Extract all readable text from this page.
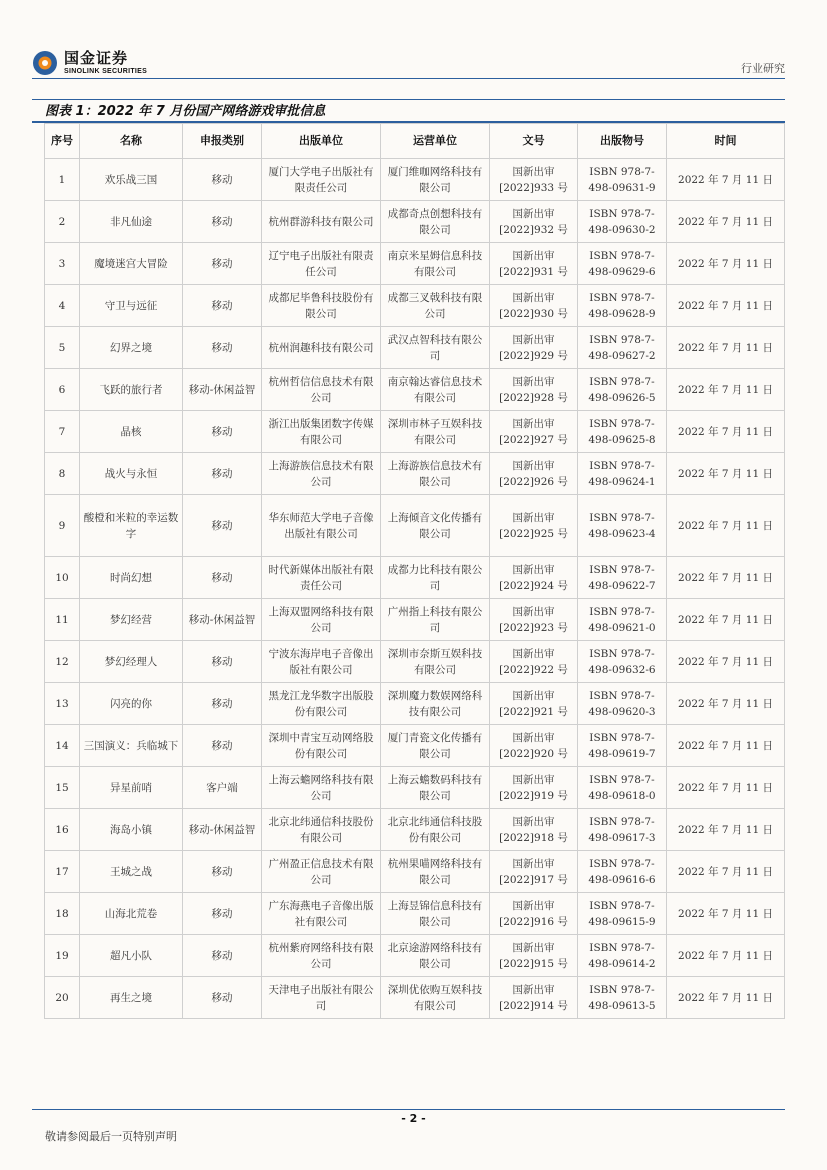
国金证券
SINOLINK SECURITIES	行业研究
图表 1：2022 年 7 月份国产网络游戏审批信息
序号	名称	申报类别	出版单位	运营单位	文号	出版物号	时间
1	欢乐战三国	移动	厦门大学电子出版社有限责任公司	厦门维咖网络科技有限公司	国新出审[2022]933 号	ISBN 978-7-498-09631-9	2022 年 7 月 11 日
2	非凡仙途	移动	杭州群游科技有限公司	成都奇点创想科技有限公司	国新出审[2022]932 号	ISBN 978-7-498-09630-2	2022 年 7 月 11 日
3	魔境迷宫大冒险	移动	辽宁电子出版社有限责任公司	南京米星姆信息科技有限公司	国新出审[2022]931 号	ISBN 978-7-498-09629-6	2022 年 7 月 11 日
4	守卫与远征	移动	成都尼毕鲁科技股份有限公司	成都三叉戟科技有限公司	国新出审[2022]930 号	ISBN 978-7-498-09628-9	2022 年 7 月 11 日
5	幻界之境	移动	杭州润趣科技有限公司	武汉点智科技有限公司	国新出审[2022]929 号	ISBN 978-7-498-09627-2	2022 年 7 月 11 日
6	飞跃的旅行者	移动-休闲益智	杭州哲信信息技术有限公司	南京翰达睿信息技术有限公司	国新出审[2022]928 号	ISBN 978-7-498-09626-5	2022 年 7 月 11 日
7	晶核	移动	浙江出版集团数字传媒有限公司	深圳市林子互娱科技有限公司	国新出审[2022]927 号	ISBN 978-7-498-09625-8	2022 年 7 月 11 日
8	战火与永恒	移动	上海游族信息技术有限公司	上海游族信息技术有限公司	国新出审[2022]926 号	ISBN 978-7-498-09624-1	2022 年 7 月 11 日
9	酸橙和米粒的幸运数字	移动	华东师范大学电子音像出版社有限公司	上海倾音文化传播有限公司	国新出审[2022]925 号	ISBN 978-7-498-09623-4	2022 年 7 月 11 日
10	时尚幻想	移动	时代新媒体出版社有限责任公司	成都力比科技有限公司	国新出审[2022]924 号	ISBN 978-7-498-09622-7	2022 年 7 月 11 日
11	梦幻经营	移动-休闲益智	上海双盟网络科技有限公司	广州指上科技有限公司	国新出审[2022]923 号	ISBN 978-7-498-09621-0	2022 年 7 月 11 日
12	梦幻经理人	移动	宁波东海岸电子音像出版社有限公司	深圳市奈斯互娱科技有限公司	国新出审[2022]922 号	ISBN 978-7-498-09632-6	2022 年 7 月 11 日
13	闪亮的你	移动	黑龙江龙华数字出版股份有限公司	深圳魔力数娱网络科技有限公司	国新出审[2022]921 号	ISBN 978-7-498-09620-3	2022 年 7 月 11 日
14	三国演义：兵临城下	移动	深圳中青宝互动网络股份有限公司	厦门青瓷文化传播有限公司	国新出审[2022]920 号	ISBN 978-7-498-09619-7	2022 年 7 月 11 日
15	异星前哨	客户端	上海云蟾网络科技有限公司	上海云蟾数码科技有限公司	国新出审[2022]919 号	ISBN 978-7-498-09618-0	2022 年 7 月 11 日
16	海岛小镇	移动-休闲益智	北京北纬通信科技股份有限公司	北京北纬通信科技股份有限公司	国新出审[2022]918 号	ISBN 978-7-498-09617-3	2022 年 7 月 11 日
17	王城之战	移动	广州盈正信息技术有限公司	杭州果喵网络科技有限公司	国新出审[2022]917 号	ISBN 978-7-498-09616-6	2022 年 7 月 11 日
18	山海北荒卷	移动	广东海燕电子音像出版社有限公司	上海昱锦信息科技有限公司	国新出审[2022]916 号	ISBN 978-7-498-09615-9	2022 年 7 月 11 日
19	超凡小队	移动	杭州紫府网络科技有限公司	北京途游网络科技有限公司	国新出审[2022]915 号	ISBN 978-7-498-09614-2	2022 年 7 月 11 日
20	再生之境	移动	天津电子出版社有限公司	深圳优依购互娱科技有限公司	国新出审[2022]914 号	ISBN 978-7-498-09613-5	2022 年 7 月 11 日
- 2 -
敬请参阅最后一页特别声明
